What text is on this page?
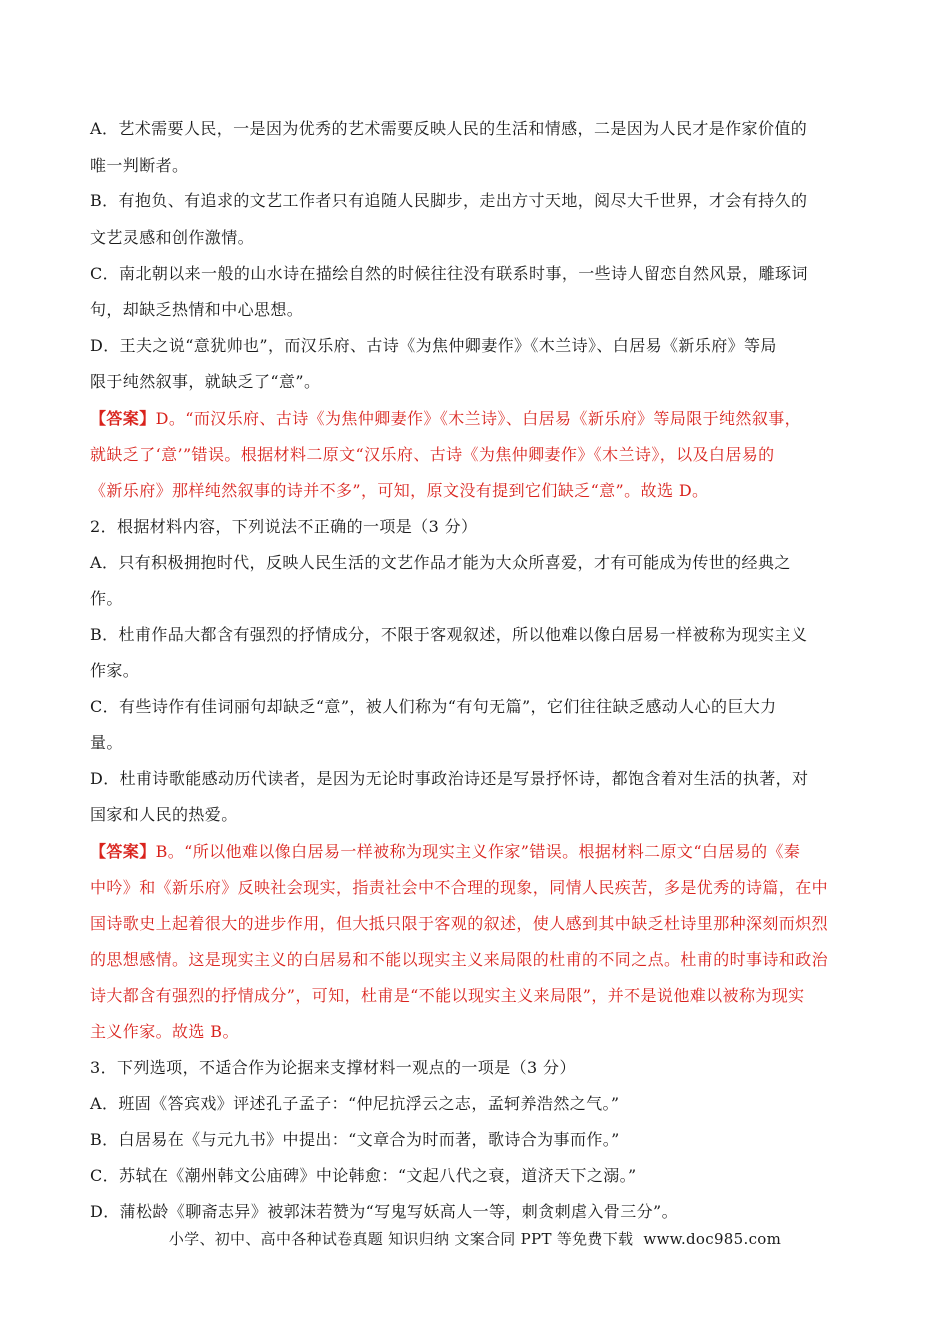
A．艺术需要人民，一是因为优秀的艺术需要反映人民的生活和情感，二是因为人民才是作家价值的
唯一判断者。
B．有抱负、有追求的文艺工作者只有追随人民脚步，走出方寸天地，阅尽大千世界，才会有持久的
文艺灵感和创作激情。
C．南北朝以来一般的山水诗在描绘自然的时候往往没有联系时事，一些诗人留恋自然风景，雕琢词
句，却缺乏热情和中心思想。
D．王夫之说“意犹帅也”，而汉乐府、古诗《为焦仲卿妻作》《木兰诗》、白居易《新乐府》等局
限于纯然叙事，就缺乏了“意”。
【答案】D。“而汉乐府、古诗《为焦仲卿妻作》《木兰诗》、白居易《新乐府》等局限于纯然叙事，
就缺乏了‘意’”错误。根据材料二原文“汉乐府、古诗《为焦仲卿妻作》《木兰诗》，以及白居易的
《新乐府》那样纯然叙事的诗并不多”，可知，原文没有提到它们缺乏“意”。故选 D。
2．根据材料内容，下列说法不正确的一项是（3 分）
A．只有积极拥抱时代，反映人民生活的文艺作品才能为大众所喜爱，才有可能成为传世的经典之
作。
B．杜甫作品大都含有强烈的抒情成分，不限于客观叙述，所以他难以像白居易一样被称为现实主义
作家。
C．有些诗作有佳词丽句却缺乏“意”，被人们称为“有句无篇”，它们往往缺乏感动人心的巨大力
量。
D．杜甫诗歌能感动历代读者，是因为无论时事政治诗还是写景抒怀诗，都饱含着对生活的执著，对
国家和人民的热爱。
【答案】B。“所以他难以像白居易一样被称为现实主义作家”错误。根据材料二原文“白居易的《秦
中吟》和《新乐府》反映社会现实，指责社会中不合理的现象，同情人民疾苦，多是优秀的诗篇，在中
国诗歌史上起着很大的进步作用，但大抵只限于客观的叙述，使人感到其中缺乏杜诗里那种深刻而炽烈
的思想感情。这是现实主义的白居易和不能以现实主义来局限的杜甫的不同之点。杜甫的时事诗和政治
诗大都含有强烈的抒情成分”，可知，杜甫是“不能以现实主义来局限”，并不是说他难以被称为现实
主义作家。故选 B。
3．下列选项，不适合作为论据来支撑材料一观点的一项是（3 分）
A．班固《答宾戏》评述孔子孟子：“仲尼抗浮云之志，孟轲养浩然之气。”
B．白居易在《与元九书》中提出：“文章合为时而著，歌诗合为事而作。”
C．苏轼在《潮州韩文公庙碑》中论韩愈：“文起八代之衰，道济天下之溺。”
D．蒲松龄《聊斋志异》被郭沫若赞为“写鬼写妖高人一等，刺贪刺虐入骨三分”。
小学、初中、高中各种试卷真题 知识归纳 文案合同 PPT 等免费下载 www.doc985.com
